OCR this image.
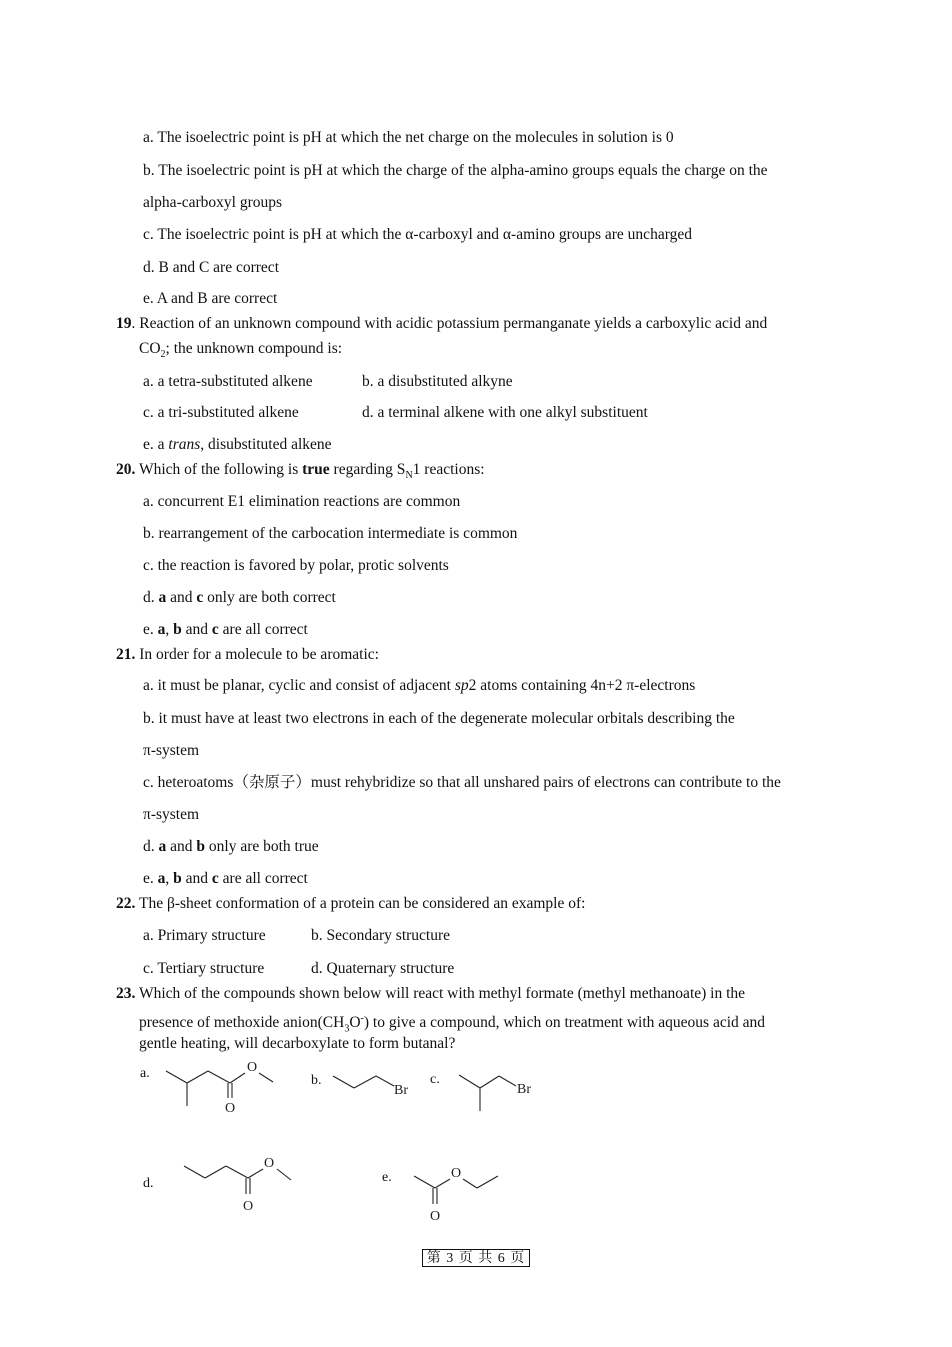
a. The isoelectric point is pH at which the net charge on the molecules in solution is 0
b. The isoelectric point is pH at which the charge of the alpha-amino groups equals the charge on the
alpha-carboxyl groups
c. The isoelectric point is pH at which the α-carboxyl and α-amino groups are uncharged
d. B and C are correct
e. A and B are correct
19. Reaction of an unknown compound with acidic potassium permanganate yields a carboxylic acid and
$CO_2$; the unknown compound is:
a. a tetra-substituted alkene	b. a disubstituted alkyne
c. a tri-substituted alkene	d. a terminal alkene with one alkyl substituent
e. a trans, disubstituted alkene
20. Which of the following is true regarding $S_N1$ reactions:
a. concurrent E1 elimination reactions are common
b. rearrangement of the carbocation intermediate is common
c. the reaction is favored by polar, protic solvents
d. a and c only are both correct
e. a, b and c are all correct
21. In order for a molecule to be aromatic:
a. it must be planar, cyclic and consist of adjacent sp2 atoms containing 4n+2 π-electrons
b. it must have at least two electrons in each of the degenerate molecular orbitals describing the
π-system
c. heteroatoms（杂原子）must rehybridize so that all unshared pairs of electrons can contribute to the
π-system
d. a and b only are both true
e. a, b and c are all correct
22. The β-sheet conformation of a protein can be considered an example of:
a. Primary structure	b. Secondary structure
c. Tertiary structure	d. Quaternary structure
23. Which of the compounds shown below will react with methyl formate (methyl methanoate) in the
presence of methoxide $anion(CH_3O^-)$ to give a compound, which on treatment with aqueous acid and
gentle heating, will decarboxylate to form butanal?
a.	b.	c.
d.	e.
O
O
Br	Br
O
O
O
O
第 3 页 共 6 页
